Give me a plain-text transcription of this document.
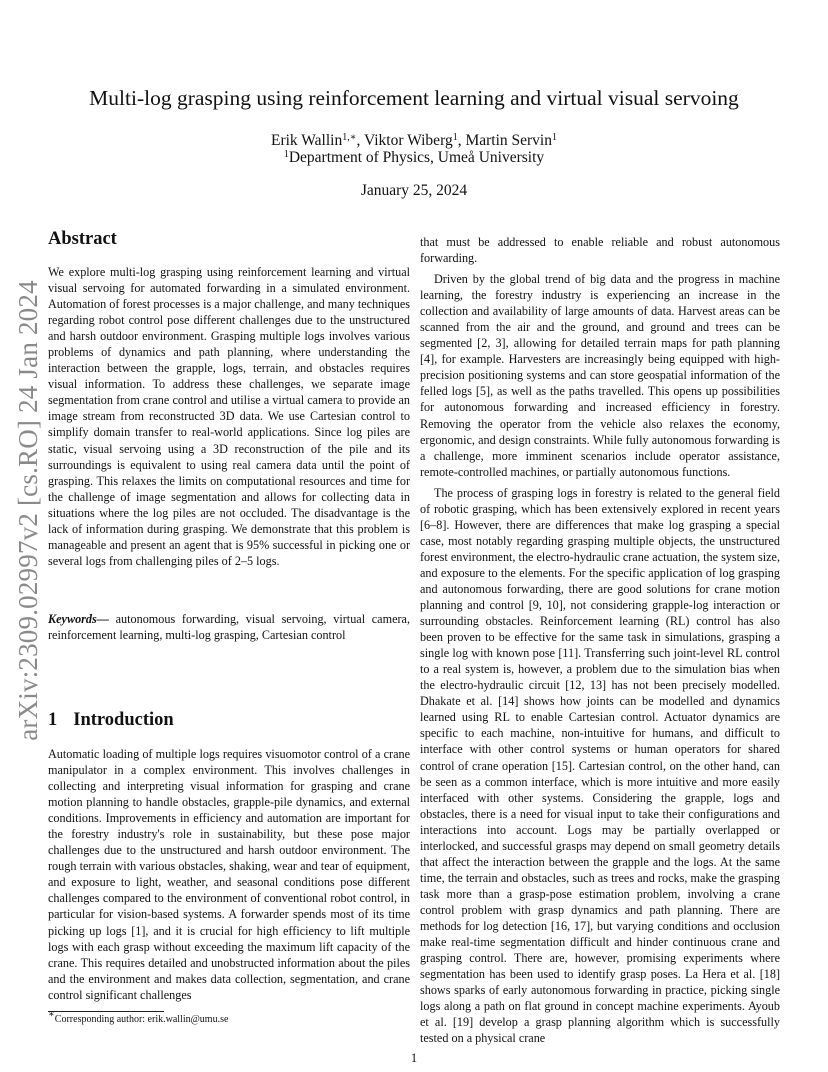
arXiv:2309.02997v2 [cs.RO] 24 Jan 2024
Multi-log grasping using reinforcement learning and virtual visual servoing
Erik Wallin$^{1,∗}$, Viktor Wiberg$^1$, Martin Servin$^1$
$^1$Department of Physics, Umeå University
January 25, 2024
Abstract

We explore multi-log grasping using reinforcement learning and virtual visual servoing for automated forwarding in a simulated environment. Automation of forest processes is a major challenge, and many techniques regarding robot control pose different challenges due to the unstructured and harsh outdoor environment. Grasping multiple logs involves various problems of dynamics and path planning, where understanding the interaction between the grapple, logs, terrain, and obstacles requires visual information. To address these challenges, we separate image segmentation from crane control and utilise a virtual camera to provide an image stream from reconstructed 3D data. We use Cartesian control to simplify domain transfer to real-world applications. Since log piles are static, visual servoing using a 3D reconstruction of the pile and its surroundings is equivalent to using real camera data until the point of grasping. This relaxes the limits on computational resources and time for the challenge of image segmentation and allows for collecting data in situations where the log piles are not occluded. The disadvantage is the lack of information during grasping. We demonstrate that this problem is manageable and present an agent that is 95% successful in picking one or several logs from challenging piles of 2–5 logs.

Keywords— autonomous forwarding, visual servoing, virtual camera, reinforcement learning, multi-log grasping, Cartesian control

1 Introduction

Automatic loading of multiple logs requires visuomotor control of a crane manipulator in a complex environment. This involves challenges in collecting and interpreting visual information for grasping and crane motion planning to handle obstacles, grapple-pile dynamics, and external conditions. Improvements in efficiency and automation are important for the forestry industry's role in sustainability, but these pose major challenges due to the unstructured and harsh outdoor environment. The rough terrain with various obstacles, shaking, wear and tear of equipment, and exposure to light, weather, and seasonal conditions pose different challenges compared to the environment of conventional robot control, in particular for vision-based systems. A forwarder spends most of its time picking up logs [1], and it is crucial for high efficiency to lift multiple logs with each grasp without exceeding the maximum lift capacity of the crane. This requires detailed and unobstructed information about the piles and the environment and makes data collection, segmentation, and crane control significant challenges

that must be addressed to enable reliable and robust autonomous forwarding.

Driven by the global trend of big data and the progress in machine learning, the forestry industry is experiencing an increase in the collection and availability of large amounts of data. Harvest areas can be scanned from the air and the ground, and ground and trees can be segmented [2, 3], allowing for detailed terrain maps for path planning [4], for example. Harvesters are increasingly being equipped with high-precision positioning systems and can store geospatial information of the felled logs [5], as well as the paths travelled. This opens up possibilities for autonomous forwarding and increased efficiency in forestry. Removing the operator from the vehicle also relaxes the economy, ergonomic, and design constraints. While fully autonomous forwarding is a challenge, more imminent scenarios include operator assistance, remote-controlled machines, or partially autonomous functions.

The process of grasping logs in forestry is related to the general field of robotic grasping, which has been extensively explored in recent years [6–8]. However, there are differences that make log grasping a special case, most notably regarding grasping multiple objects, the unstructured forest environment, the electro-hydraulic crane actuation, the system size, and exposure to the elements. For the specific application of log grasping and autonomous forwarding, there are good solutions for crane motion planning and control [9, 10], not considering grapple-log interaction or surrounding obstacles. Reinforcement learning (RL) control has also been proven to be effective for the same task in simulations, grasping a single log with known pose [11]. Transferring such joint-level RL control to a real system is, however, a problem due to the simulation bias when the electro-hydraulic circuit [12, 13] has not been precisely modelled. Dhakate et al. [14] shows how joints can be modelled and dynamics learned using RL to enable Cartesian control. Actuator dynamics are specific to each machine, non-intuitive for humans, and difficult to interface with other control systems or human operators for shared control of crane operation [15]. Cartesian control, on the other hand, can be seen as a common interface, which is more intuitive and more easily interfaced with other systems. Considering the grapple, logs and obstacles, there is a need for visual input to take their configurations and interactions into account. Logs may be partially overlapped or interlocked, and successful grasps may depend on small geometry details that affect the interaction between the grapple and the logs. At the same time, the terrain and obstacles, such as trees and rocks, make the grasping task more than a grasp-pose estimation problem, involving a crane control problem with grasp dynamics and path planning. There are methods for log detection [16, 17], but varying conditions and occlusion make real-time segmentation difficult and hinder continuous crane and grasping control. There are, however, promising experiments where segmentation has been used to identify grasp poses. La Hera et al. [18] shows sparks of early autonomous forwarding in practice, picking single logs along a path on flat ground in concept machine experiments. Ayoub et al. [19] develop a grasp planning algorithm which is successfully tested on a physical crane

∗Corresponding author: erik.wallin@umu.se
1
